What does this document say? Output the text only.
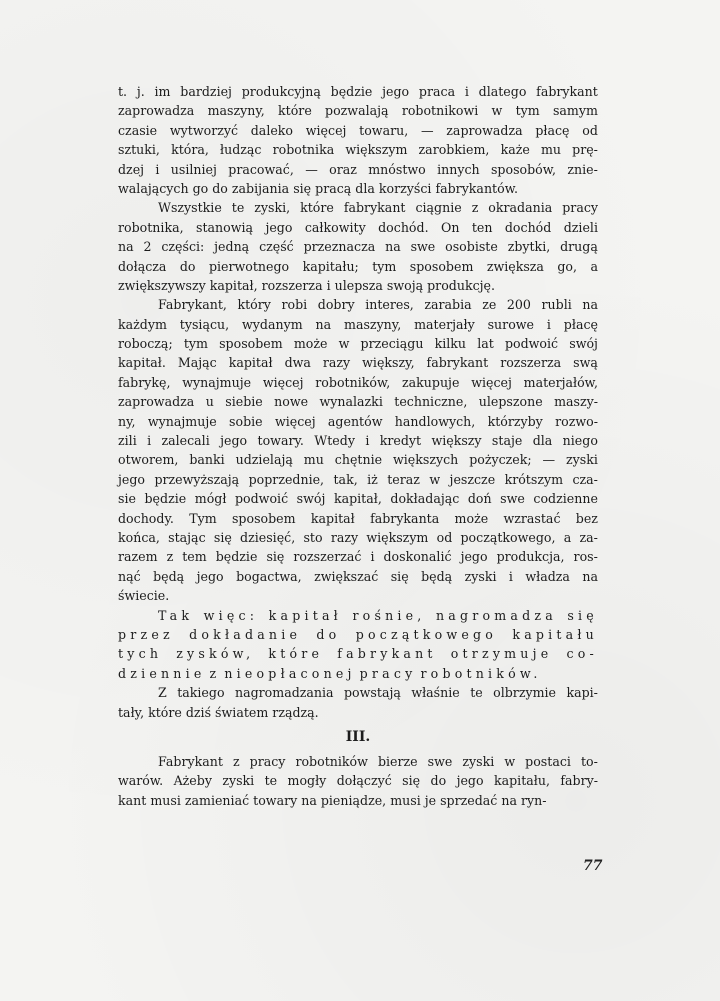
t. j. im bardziej produkcyjną będzie jego praca i dlatego fabrykant
zaprowadza maszyny, które pozwalają robotnikowi w tym samym
czasie wytworzyć daleko więcej towaru, — zaprowadza płacę od
sztuki, która, łudząc robotnika większym zarobkiem, każe mu prę-
dzej i usilniej pracować, — oraz mnóstwo innych sposobów, znie-
walających go do zabijania się pracą dla korzyści fabrykantów.
Wszystkie te zyski, które fabrykant ciągnie z okradania pracy
robotnika, stanowią jego całkowity dochód. On ten dochód dzieli
na 2 części: jedną część przeznacza na swe osobiste zbytki, drugą
dołącza do pierwotnego kapitału; tym sposobem zwiększa go, a
zwiększywszy kapitał, rozszerza i ulepsza swoją produkcję.
Fabrykant, który robi dobry interes, zarabia ze 200 rubli na
każdym tysiącu, wydanym na maszyny, materjały surowe i płacę
roboczą; tym sposobem może w przeciągu kilku lat podwoić swój
kapitał. Mając kapitał dwa razy większy, fabrykant rozszerza swą
fabrykę, wynajmuje więcej robotników, zakupuje więcej materjałów,
zaprowadza u siebie nowe wynalazki techniczne, ulepszone maszy-
ny, wynajmuje sobie więcej agentów handlowych, którzyby rozwo-
zili i zalecali jego towary. Wtedy i kredyt większy staje dla niego
otworem, banki udzielają mu chętnie większych pożyczek; — zyski
jego przewyższają poprzednie, tak, iż teraz w jeszcze krótszym cza-
sie będzie mógł podwoić swój kapitał, dokładając doń swe codzienne
dochody. Tym sposobem kapitał fabrykanta może wzrastać bez
końca, stając się dziesięć, sto razy większym od początkowego, a za-
razem z tem będzie się rozszerzać i doskonalić jego produkcja, ros-
nąć będą jego bogactwa, zwiększać się będą zyski i władza na
świecie.
Tak więc: kapitał rośnie, nagromadza się
przez dokładanie do początkowego kapitału
tych zysków, które fabrykant otrzymuje co-
dziennie z nieopłaconej pracy robotników.
Z takiego nagromadzania powstają właśnie te olbrzymie kapi-
tały, które dziś światem rządzą.
III.
Fabrykant z pracy robotników bierze swe zyski w postaci to-
warów. Ażeby zyski te mogły dołączyć się do jego kapitału, fabry-
kant musi zamieniać towary na pieniądze, musi je sprzedać na ryn-
77
